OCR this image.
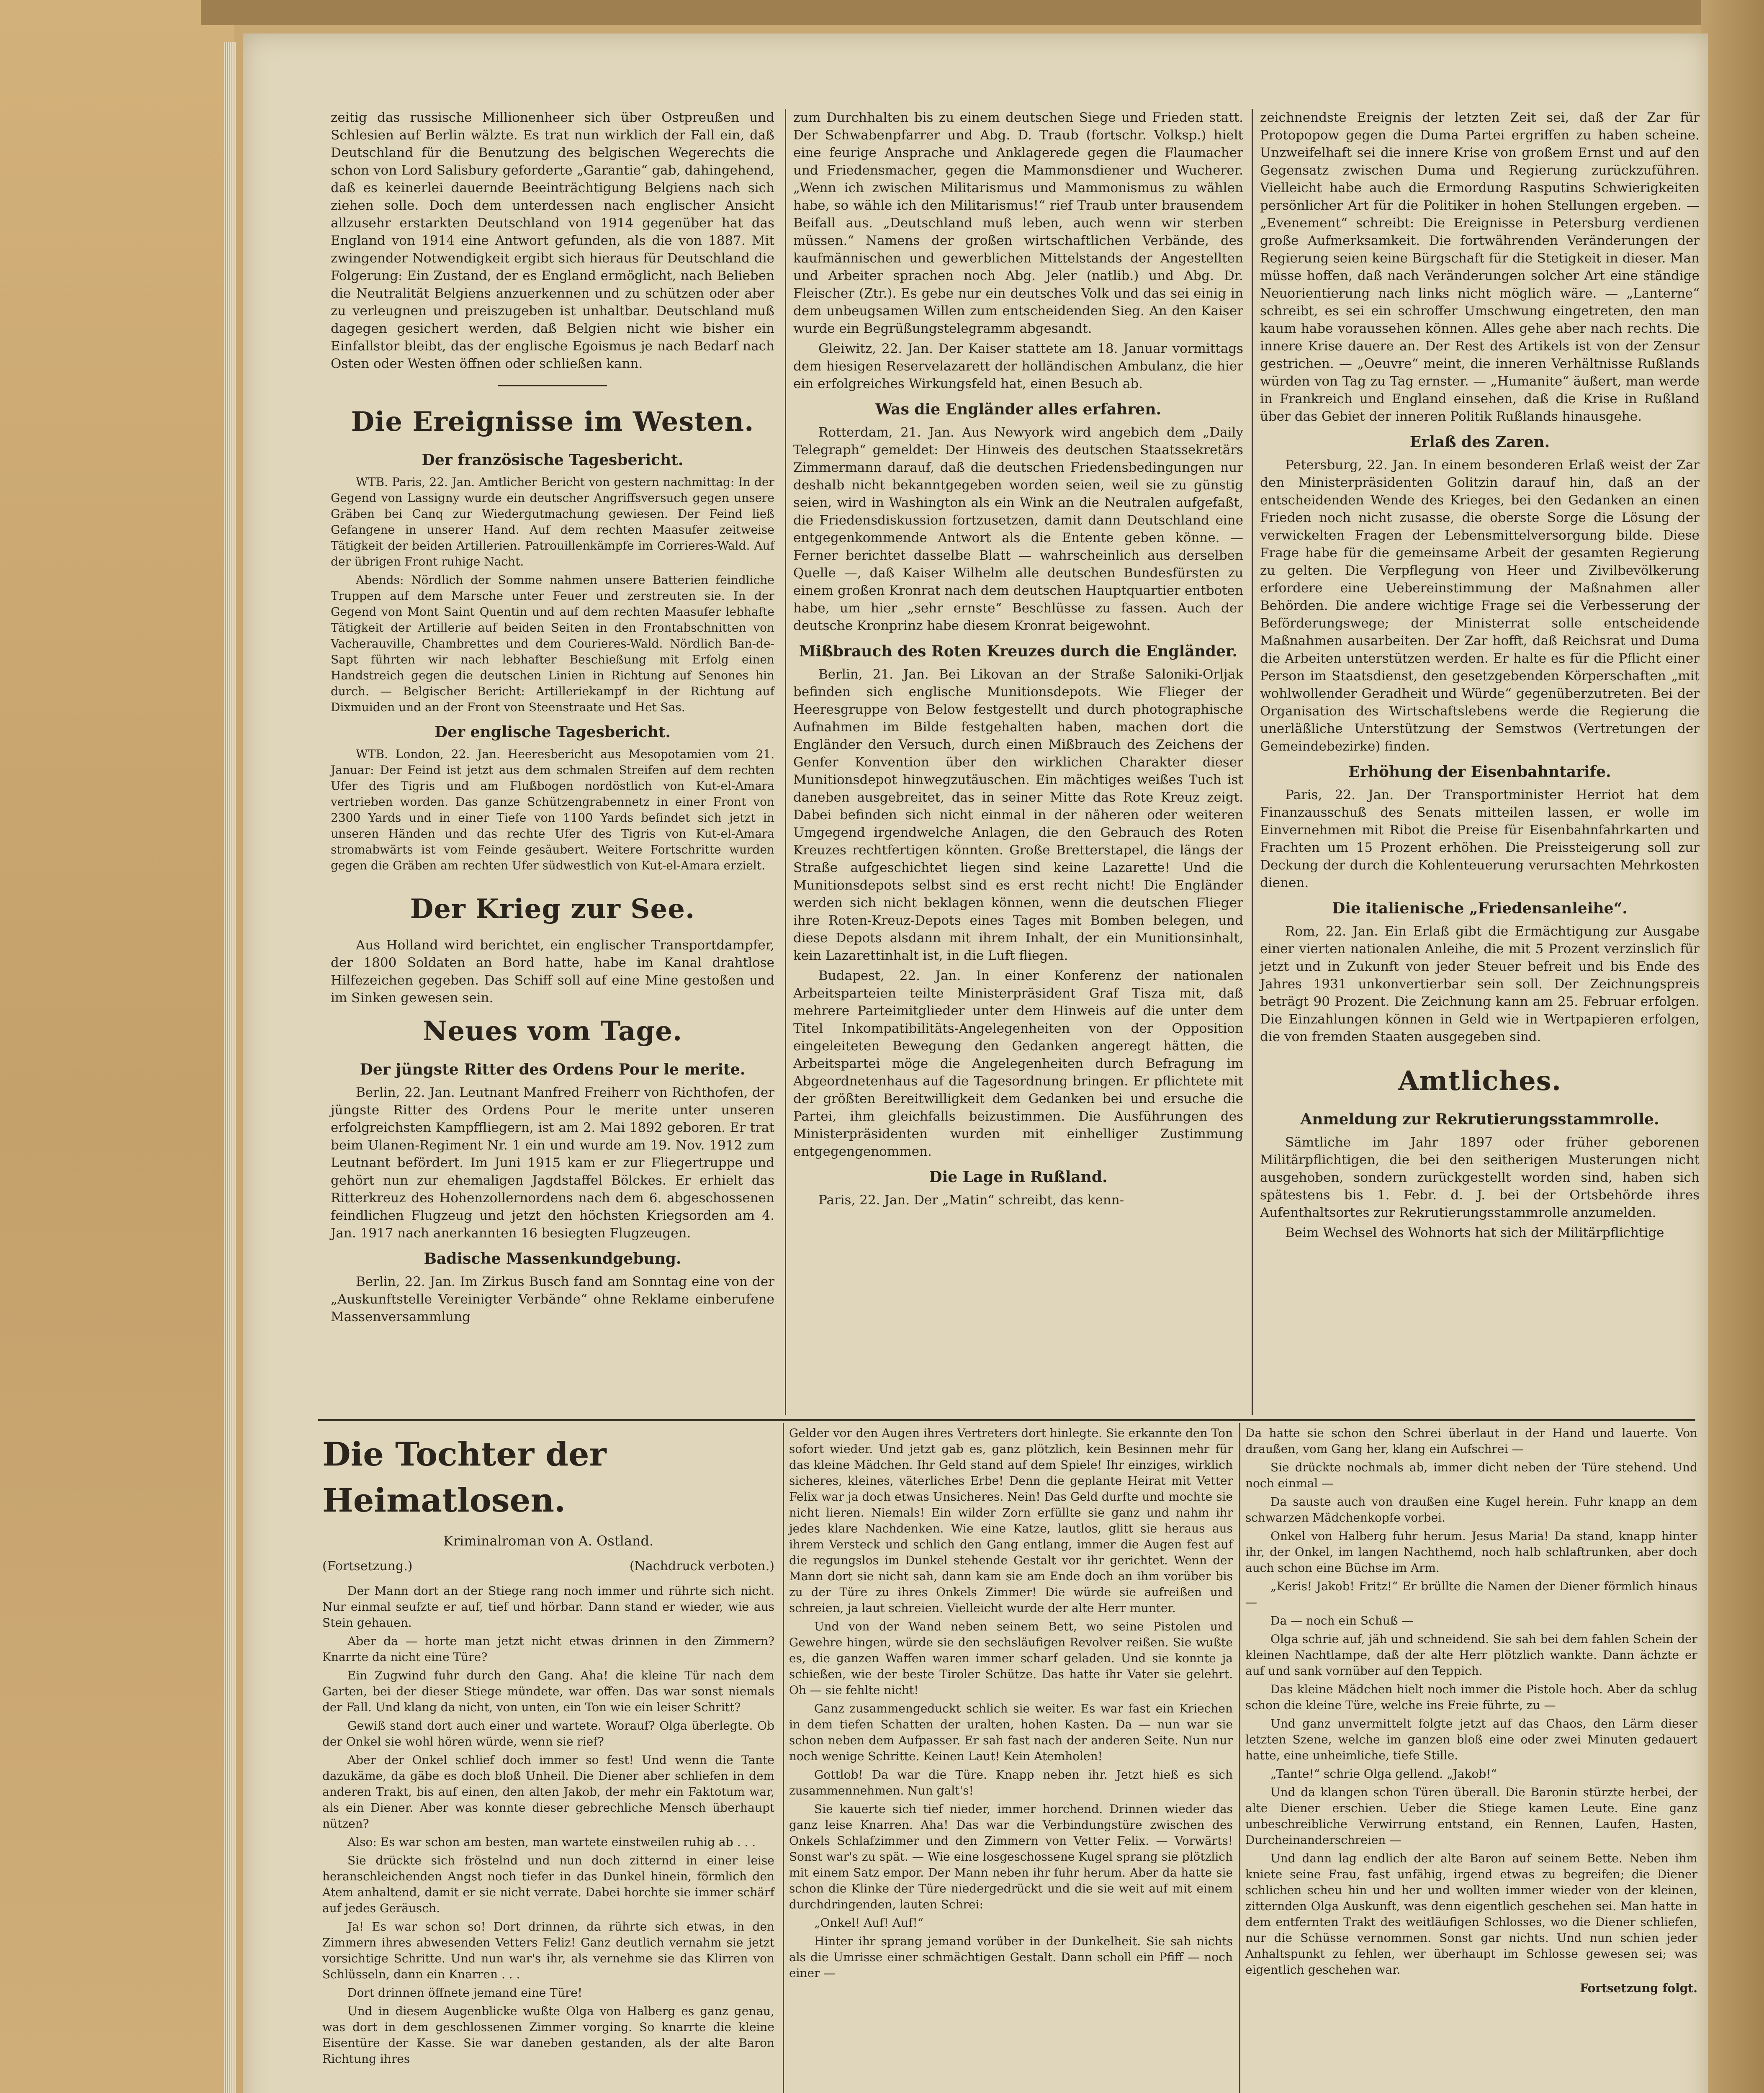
zeitig das russische Millionenheer sich über Ostpreußen und Schlesien auf Berlin wälzte. Es trat nun wirklich der Fall ein, daß Deutschland für die Benutzung des belgischen Wegerechts die schon von Lord Salisbury geforderte „Garantie“ gab, dahingehend, daß es keinerlei dauernde Beeinträchtigung Belgiens nach sich ziehen solle. Doch dem unterdessen nach englischer Ansicht allzusehr erstarkten Deutschland von 1914 gegenüber hat das England von 1914 eine Antwort gefunden, als die von 1887. Mit zwingender Notwendigkeit ergibt sich hieraus für Deutschland die Folgerung: Ein Zustand, der es England ermöglicht, nach Belieben die Neutralität Belgiens anzuerkennen und zu schützen oder aber zu verleugnen und preiszugeben ist unhaltbar. Deutschland muß dagegen gesichert werden, daß Belgien nicht wie bisher ein Einfallstor bleibt, das der englische Egoismus je nach Bedarf nach Osten oder Westen öffnen oder schließen kann.

Die Ereignisse im Westen.
Der französische Tagesbericht.

WTB. Paris, 22. Jan. Amtlicher Bericht von gestern nachmittag: In der Gegend von Lassigny wurde ein deutscher Angriffsversuch gegen unsere Gräben bei Canq zur Wiedergutmachung gewiesen. Der Feind ließ Gefangene in unserer Hand. Auf dem rechten Maasufer zeitweise Tätigkeit der beiden Artillerien. Patrouillenkämpfe im Corrieres-Wald. Auf der übrigen Front ruhige Nacht.

Abends: Nördlich der Somme nahmen unsere Batterien feindliche Truppen auf dem Marsche unter Feuer und zerstreuten sie. In der Gegend von Mont Saint Quentin und auf dem rechten Maasufer lebhafte Tätigkeit der Artillerie auf beiden Seiten in den Frontabschnitten von Vacherauville, Chambrettes und dem Courieres-Wald. Nördlich Ban-de-Sapt führten wir nach lebhafter Beschießung mit Erfolg einen Handstreich gegen die deutschen Linien in Richtung auf Senones hin durch. — Belgischer Bericht: Artilleriekampf in der Richtung auf Dixmuiden und an der Front von Steenstraate und Het Sas.

Der englische Tagesbericht.

WTB. London, 22. Jan. Heeresbericht aus Mesopotamien vom 21. Januar: Der Feind ist jetzt aus dem schmalen Streifen auf dem rechten Ufer des Tigris und am Flußbogen nordöstlich von Kut-el-Amara vertrieben worden. Das ganze Schützengrabennetz in einer Front von 2300 Yards und in einer Tiefe von 1100 Yards befindet sich jetzt in unseren Händen und das rechte Ufer des Tigris von Kut-el-Amara stromabwärts ist vom Feinde gesäubert. Weitere Fortschritte wurden gegen die Gräben am rechten Ufer südwestlich von Kut-el-Amara erzielt.

Der Krieg zur See.

Aus Holland wird berichtet, ein englischer Transportdampfer, der 1800 Soldaten an Bord hatte, habe im Kanal drahtlose Hilfezeichen gegeben. Das Schiff soll auf eine Mine gestoßen und im Sinken gewesen sein.

Neues vom Tage.
Der jüngste Ritter des Ordens Pour le merite.

Berlin, 22. Jan. Leutnant Manfred Freiherr von Richthofen, der jüngste Ritter des Ordens Pour le merite unter unseren erfolgreichsten Kampffliegern, ist am 2. Mai 1892 geboren. Er trat beim Ulanen-Regiment Nr. 1 ein und wurde am 19. Nov. 1912 zum Leutnant befördert. Im Juni 1915 kam er zur Fliegertruppe und gehört nun zur ehemaligen Jagdstaffel Bölckes. Er erhielt das Ritterkreuz des Hohenzollernordens nach dem 6. abgeschossenen feindlichen Flugzeug und jetzt den höchsten Kriegsorden am 4. Jan. 1917 nach anerkannten 16 besiegten Flugzeugen.

Badische Massenkundgebung.

Berlin, 22. Jan. Im Zirkus Busch fand am Sonntag eine von der „Auskunftstelle Vereinigter Verbände“ ohne Reklame einberufene Massenversammlung

zum Durchhalten bis zu einem deutschen Siege und Frieden statt. Der Schwabenpfarrer und Abg. D. Traub (fortschr. Volksp.) hielt eine feurige Ansprache und Anklagerede gegen die Flaumacher und Friedensmacher, gegen die Mammonsdiener und Wucherer. „Wenn ich zwischen Militarismus und Mammonismus zu wählen habe, so wähle ich den Militarismus!“ rief Traub unter brausendem Beifall aus. „Deutschland muß leben, auch wenn wir sterben müssen.“ Namens der großen wirtschaftlichen Verbände, des kaufmännischen und gewerblichen Mittelstands der Angestellten und Arbeiter sprachen noch Abg. Jeler (natlib.) und Abg. Dr. Fleischer (Ztr.). Es gebe nur ein deutsches Volk und das sei einig in dem unbeugsamen Willen zum entscheidenden Sieg. An den Kaiser wurde ein Begrüßungstelegramm abgesandt.

Gleiwitz, 22. Jan. Der Kaiser stattete am 18. Januar vormittags dem hiesigen Reservelazarett der holländischen Ambulanz, die hier ein erfolgreiches Wirkungsfeld hat, einen Besuch ab.

Was die Engländer alles erfahren.

Rotterdam, 21. Jan. Aus Newyork wird angebich dem „Daily Telegraph“ gemeldet: Der Hinweis des deutschen Staatssekretärs Zimmermann darauf, daß die deutschen Friedensbedingungen nur deshalb nicht bekanntgegeben worden seien, weil sie zu günstig seien, wird in Washington als ein Wink an die Neutralen aufgefaßt, die Friedensdiskussion fortzusetzen, damit dann Deutschland eine entgegenkommende Antwort als die Entente geben könne. — Ferner berichtet dasselbe Blatt — wahrscheinlich aus derselben Quelle —, daß Kaiser Wilhelm alle deutschen Bundesfürsten zu einem großen Kronrat nach dem deutschen Hauptquartier entboten habe, um hier „sehr ernste“ Beschlüsse zu fassen. Auch der deutsche Kronprinz habe diesem Kronrat beigewohnt.

Mißbrauch des Roten Kreuzes durch die Engländer.

Berlin, 21. Jan. Bei Likovan an der Straße Saloniki-Orljak befinden sich englische Munitionsdepots. Wie Flieger der Heeresgruppe von Below festgestellt und durch photographische Aufnahmen im Bilde festgehalten haben, machen dort die Engländer den Versuch, durch einen Mißbrauch des Zeichens der Genfer Konvention über den wirklichen Charakter dieser Munitionsdepot hinwegzutäuschen. Ein mächtiges weißes Tuch ist daneben ausgebreitet, das in seiner Mitte das Rote Kreuz zeigt. Dabei befinden sich nicht einmal in der näheren oder weiteren Umgegend irgendwelche Anlagen, die den Gebrauch des Roten Kreuzes rechtfertigen könnten. Große Bretterstapel, die längs der Straße aufgeschichtet liegen sind keine Lazarette! Und die Munitionsdepots selbst sind es erst recht nicht! Die Engländer werden sich nicht beklagen können, wenn die deutschen Flieger ihre Roten-Kreuz-Depots eines Tages mit Bomben belegen, und diese Depots alsdann mit ihrem Inhalt, der ein Munitionsinhalt, kein Lazarettinhalt ist, in die Luft fliegen.

Budapest, 22. Jan. In einer Konferenz der nationalen Arbeitsparteien teilte Ministerpräsident Graf Tisza mit, daß mehrere Parteimitglieder unter dem Hinweis auf die unter dem Titel Inkompatibilitäts-Angelegenheiten von der Opposition eingeleiteten Bewegung den Gedanken angeregt hätten, die Arbeitspartei möge die Angelegenheiten durch Befragung im Abgeordnetenhaus auf die Tagesordnung bringen. Er pflichtete mit der größten Bereitwilligkeit dem Gedanken bei und ersuche die Partei, ihm gleichfalls beizustimmen. Die Ausführungen des Ministerpräsidenten wurden mit einhelliger Zustimmung entgegengenommen.

Die Lage in Rußland.

Paris, 22. Jan. Der „Matin“ schreibt, das kenn-

zeichnendste Ereignis der letzten Zeit sei, daß der Zar für Protopopow gegen die Duma Partei ergriffen zu haben scheine. Unzweifelhaft sei die innere Krise von großem Ernst und auf den Gegensatz zwischen Duma und Regierung zurückzuführen. Vielleicht habe auch die Ermordung Rasputins Schwierigkeiten persönlicher Art für die Politiker in hohen Stellungen ergeben. — „Evenement“ schreibt: Die Ereignisse in Petersburg verdienen große Aufmerksamkeit. Die fortwährenden Veränderungen der Regierung seien keine Bürgschaft für die Stetigkeit in dieser. Man müsse hoffen, daß nach Veränderungen solcher Art eine ständige Neuorientierung nach links nicht möglich wäre. — „Lanterne“ schreibt, es sei ein schroffer Umschwung eingetreten, den man kaum habe voraussehen können. Alles gehe aber nach rechts. Die innere Krise dauere an. Der Rest des Artikels ist von der Zensur gestrichen. — „Oeuvre“ meint, die inneren Verhältnisse Rußlands würden von Tag zu Tag ernster. — „Humanite“ äußert, man werde in Frankreich und England einsehen, daß die Krise in Rußland über das Gebiet der inneren Politik Rußlands hinausgehe.

Erlaß des Zaren.

Petersburg, 22. Jan. In einem besonderen Erlaß weist der Zar den Ministerpräsidenten Golitzin darauf hin, daß an der entscheidenden Wende des Krieges, bei den Gedanken an einen Frieden noch nicht zusasse, die oberste Sorge die Lösung der verwickelten Fragen der Lebensmittelversorgung bilde. Diese Frage habe für die gemeinsame Arbeit der gesamten Regierung zu gelten. Die Verpflegung von Heer und Zivilbevölkerung erfordere eine Uebereinstimmung der Maßnahmen aller Behörden. Die andere wichtige Frage sei die Verbesserung der Beförderungswege; der Ministerrat solle entscheidende Maßnahmen ausarbeiten. Der Zar hofft, daß Reichsrat und Duma die Arbeiten unterstützen werden. Er halte es für die Pflicht einer Person im Staatsdienst, den gesetzgebenden Körperschaften „mit wohlwollender Geradheit und Würde“ gegenüberzutreten. Bei der Organisation des Wirtschaftslebens werde die Regierung die unerläßliche Unterstützung der Semstwos (Vertretungen der Gemeindebezirke) finden.

Erhöhung der Eisenbahntarife.

Paris, 22. Jan. Der Transportminister Herriot hat dem Finanzausschuß des Senats mitteilen lassen, er wolle im Einvernehmen mit Ribot die Preise für Eisenbahnfahrkarten und Frachten um 15 Prozent erhöhen. Die Preissteigerung soll zur Deckung der durch die Kohlenteuerung verursachten Mehrkosten dienen.

Die italienische „Friedensanleihe“.

Rom, 22. Jan. Ein Erlaß gibt die Ermächtigung zur Ausgabe einer vierten nationalen Anleihe, die mit 5 Prozent verzinslich für jetzt und in Zukunft von jeder Steuer befreit und bis Ende des Jahres 1931 unkonvertierbar sein soll. Der Zeichnungspreis beträgt 90 Prozent. Die Zeichnung kann am 25. Februar erfolgen. Die Einzahlungen können in Geld wie in Wertpapieren erfolgen, die von fremden Staaten ausgegeben sind.

Amtliches.
Anmeldung zur Rekrutierungsstammrolle.

Sämtliche im Jahr 1897 oder früher geborenen Militärpflichtigen, die bei den seitherigen Musterungen nicht ausgehoben, sondern zurückgestellt worden sind, haben sich spätestens bis 1. Febr. d. J. bei der Ortsbehörde ihres Aufenthaltsortes zur Rekrutierungsstammrolle anzumelden.

Beim Wechsel des Wohnorts hat sich der Militärpflichtige

Die Tochter der Heimatlosen.
Kriminalroman von A. Ostland.
(Fortsetzung.)	(Nachdruck verboten.)

Der Mann dort an der Stiege rang noch immer und rührte sich nicht. Nur einmal seufzte er auf, tief und hörbar. Dann stand er wieder, wie aus Stein gehauen.

Aber da — horte man jetzt nicht etwas drinnen in den Zimmern? Knarrte da nicht eine Türe?

Ein Zugwind fuhr durch den Gang. Aha! die kleine Tür nach dem Garten, bei der dieser Stiege mündete, war offen. Das war sonst niemals der Fall. Und klang da nicht, von unten, ein Ton wie ein leiser Schritt?

Gewiß stand dort auch einer und wartete. Worauf? Olga überlegte. Ob der Onkel sie wohl hören würde, wenn sie rief?

Aber der Onkel schlief doch immer so fest! Und wenn die Tante dazukäme, da gäbe es doch bloß Unheil. Die Diener aber schliefen in dem anderen Trakt, bis auf einen, den alten Jakob, der mehr ein Faktotum war, als ein Diener. Aber was konnte dieser gebrechliche Mensch überhaupt nützen?

Also: Es war schon am besten, man wartete einstweilen ruhig ab . . .

Sie drückte sich fröstelnd und nun doch zitternd in einer leise heranschleichenden Angst noch tiefer in das Dunkel hinein, förmlich den Atem anhaltend, damit er sie nicht verrate. Dabei horchte sie immer schärf auf jedes Geräusch.

Ja! Es war schon so! Dort drinnen, da rührte sich etwas, in den Zimmern ihres abwesenden Vetters Feliz! Ganz deutlich vernahm sie jetzt vorsichtige Schritte. Und nun war's ihr, als vernehme sie das Klirren von Schlüsseln, dann ein Knarren . . .

Dort drinnen öffnete jemand eine Türe!

Und in diesem Augenblicke wußte Olga von Halberg es ganz genau, was dort in dem geschlossenen Zimmer vorging. So knarrte die kleine Eisentüre der Kasse. Sie war daneben gestanden, als der alte Baron Richtung ihres

Gelder vor den Augen ihres Vertreters dort hinlegte. Sie erkannte den Ton sofort wieder. Und jetzt gab es, ganz plötzlich, kein Besinnen mehr für das kleine Mädchen. Ihr Geld stand auf dem Spiele! Ihr einziges, wirklich sicheres, kleines, väterliches Erbe! Denn die geplante Heirat mit Vetter Felix war ja doch etwas Unsicheres. Nein! Das Geld durfte und mochte sie nicht lieren. Niemals! Ein wilder Zorn erfüllte sie ganz und nahm ihr jedes klare Nachdenken. Wie eine Katze, lautlos, glitt sie heraus aus ihrem Versteck und schlich den Gang entlang, immer die Augen fest auf die regungslos im Dunkel stehende Gestalt vor ihr gerichtet. Wenn der Mann dort sie nicht sah, dann kam sie am Ende doch an ihm vorüber bis zu der Türe zu ihres Onkels Zimmer! Die würde sie aufreißen und schreien, ja laut schreien. Vielleicht wurde der alte Herr munter.

Und von der Wand neben seinem Bett, wo seine Pistolen und Gewehre hingen, würde sie den sechsläufigen Revolver reißen. Sie wußte es, die ganzen Waffen waren immer scharf geladen. Und sie konnte ja schießen, wie der beste Tiroler Schütze. Das hatte ihr Vater sie gelehrt. Oh — sie fehlte nicht!

Ganz zusammengeduckt schlich sie weiter. Es war fast ein Kriechen in dem tiefen Schatten der uralten, hohen Kasten. Da — nun war sie schon neben dem Aufpasser. Er sah fast nach der anderen Seite. Nun nur noch wenige Schritte. Keinen Laut! Kein Atemholen!

Gottlob! Da war die Türe. Knapp neben ihr. Jetzt hieß es sich zusammennehmen. Nun galt's!

Sie kauerte sich tief nieder, immer horchend. Drinnen wieder das ganz leise Knarren. Aha! Das war die Verbindungstüre zwischen des Onkels Schlafzimmer und den Zimmern von Vetter Felix. — Vorwärts! Sonst war's zu spät. — Wie eine losgeschossene Kugel sprang sie plötzlich mit einem Satz empor. Der Mann neben ihr fuhr herum. Aber da hatte sie schon die Klinke der Türe niedergedrückt und die sie weit auf mit einem durchdringenden, lauten Schrei:

„Onkel! Auf! Auf!“

Hinter ihr sprang jemand vorüber in der Dunkelheit. Sie sah nichts als die Umrisse einer schmächtigen Gestalt. Dann scholl ein Pfiff — noch einer —

Da hatte sie schon den Schrei überlaut in der Hand und lauerte. Von draußen, vom Gang her, klang ein Aufschrei —

Sie drückte nochmals ab, immer dicht neben der Türe stehend. Und noch einmal —

Da sauste auch von draußen eine Kugel herein. Fuhr knapp an dem schwarzen Mädchenkopfe vorbei.

Onkel von Halberg fuhr herum. Jesus Maria! Da stand, knapp hinter ihr, der Onkel, im langen Nachthemd, noch halb schlaftrunken, aber doch auch schon eine Büchse im Arm.

„Keris! Jakob! Fritz!“ Er brüllte die Namen der Diener förmlich hinaus —

Da — noch ein Schuß —

Olga schrie auf, jäh und schneidend. Sie sah bei dem fahlen Schein der kleinen Nachtlampe, daß der alte Herr plötzlich wankte. Dann ächzte er auf und sank vornüber auf den Teppich.

Das kleine Mädchen hielt noch immer die Pistole hoch. Aber da schlug schon die kleine Türe, welche ins Freie führte, zu —

Und ganz unvermittelt folgte jetzt auf das Chaos, den Lärm dieser letzten Szene, welche im ganzen bloß eine oder zwei Minuten gedauert hatte, eine unheimliche, tiefe Stille.

„Tante!“ schrie Olga gellend. „Jakob!“

Und da klangen schon Türen überall. Die Baronin stürzte herbei, der alte Diener erschien. Ueber die Stiege kamen Leute. Eine ganz unbeschreibliche Verwirrung entstand, ein Rennen, Laufen, Hasten, Durcheinanderschreien —

Und dann lag endlich der alte Baron auf seinem Bette. Neben ihm kniete seine Frau, fast unfähig, irgend etwas zu begreifen; die Diener schlichen scheu hin und her und wollten immer wieder von der kleinen, zitternden Olga Auskunft, was denn eigentlich geschehen sei. Man hatte in dem entfernten Trakt des weitläufigen Schlosses, wo die Diener schliefen, nur die Schüsse vernommen. Sonst gar nichts. Und nun schien jeder Anhaltspunkt zu fehlen, wer überhaupt im Schlosse gewesen sei; was eigentlich geschehen war.

Fortsetzung folgt.
